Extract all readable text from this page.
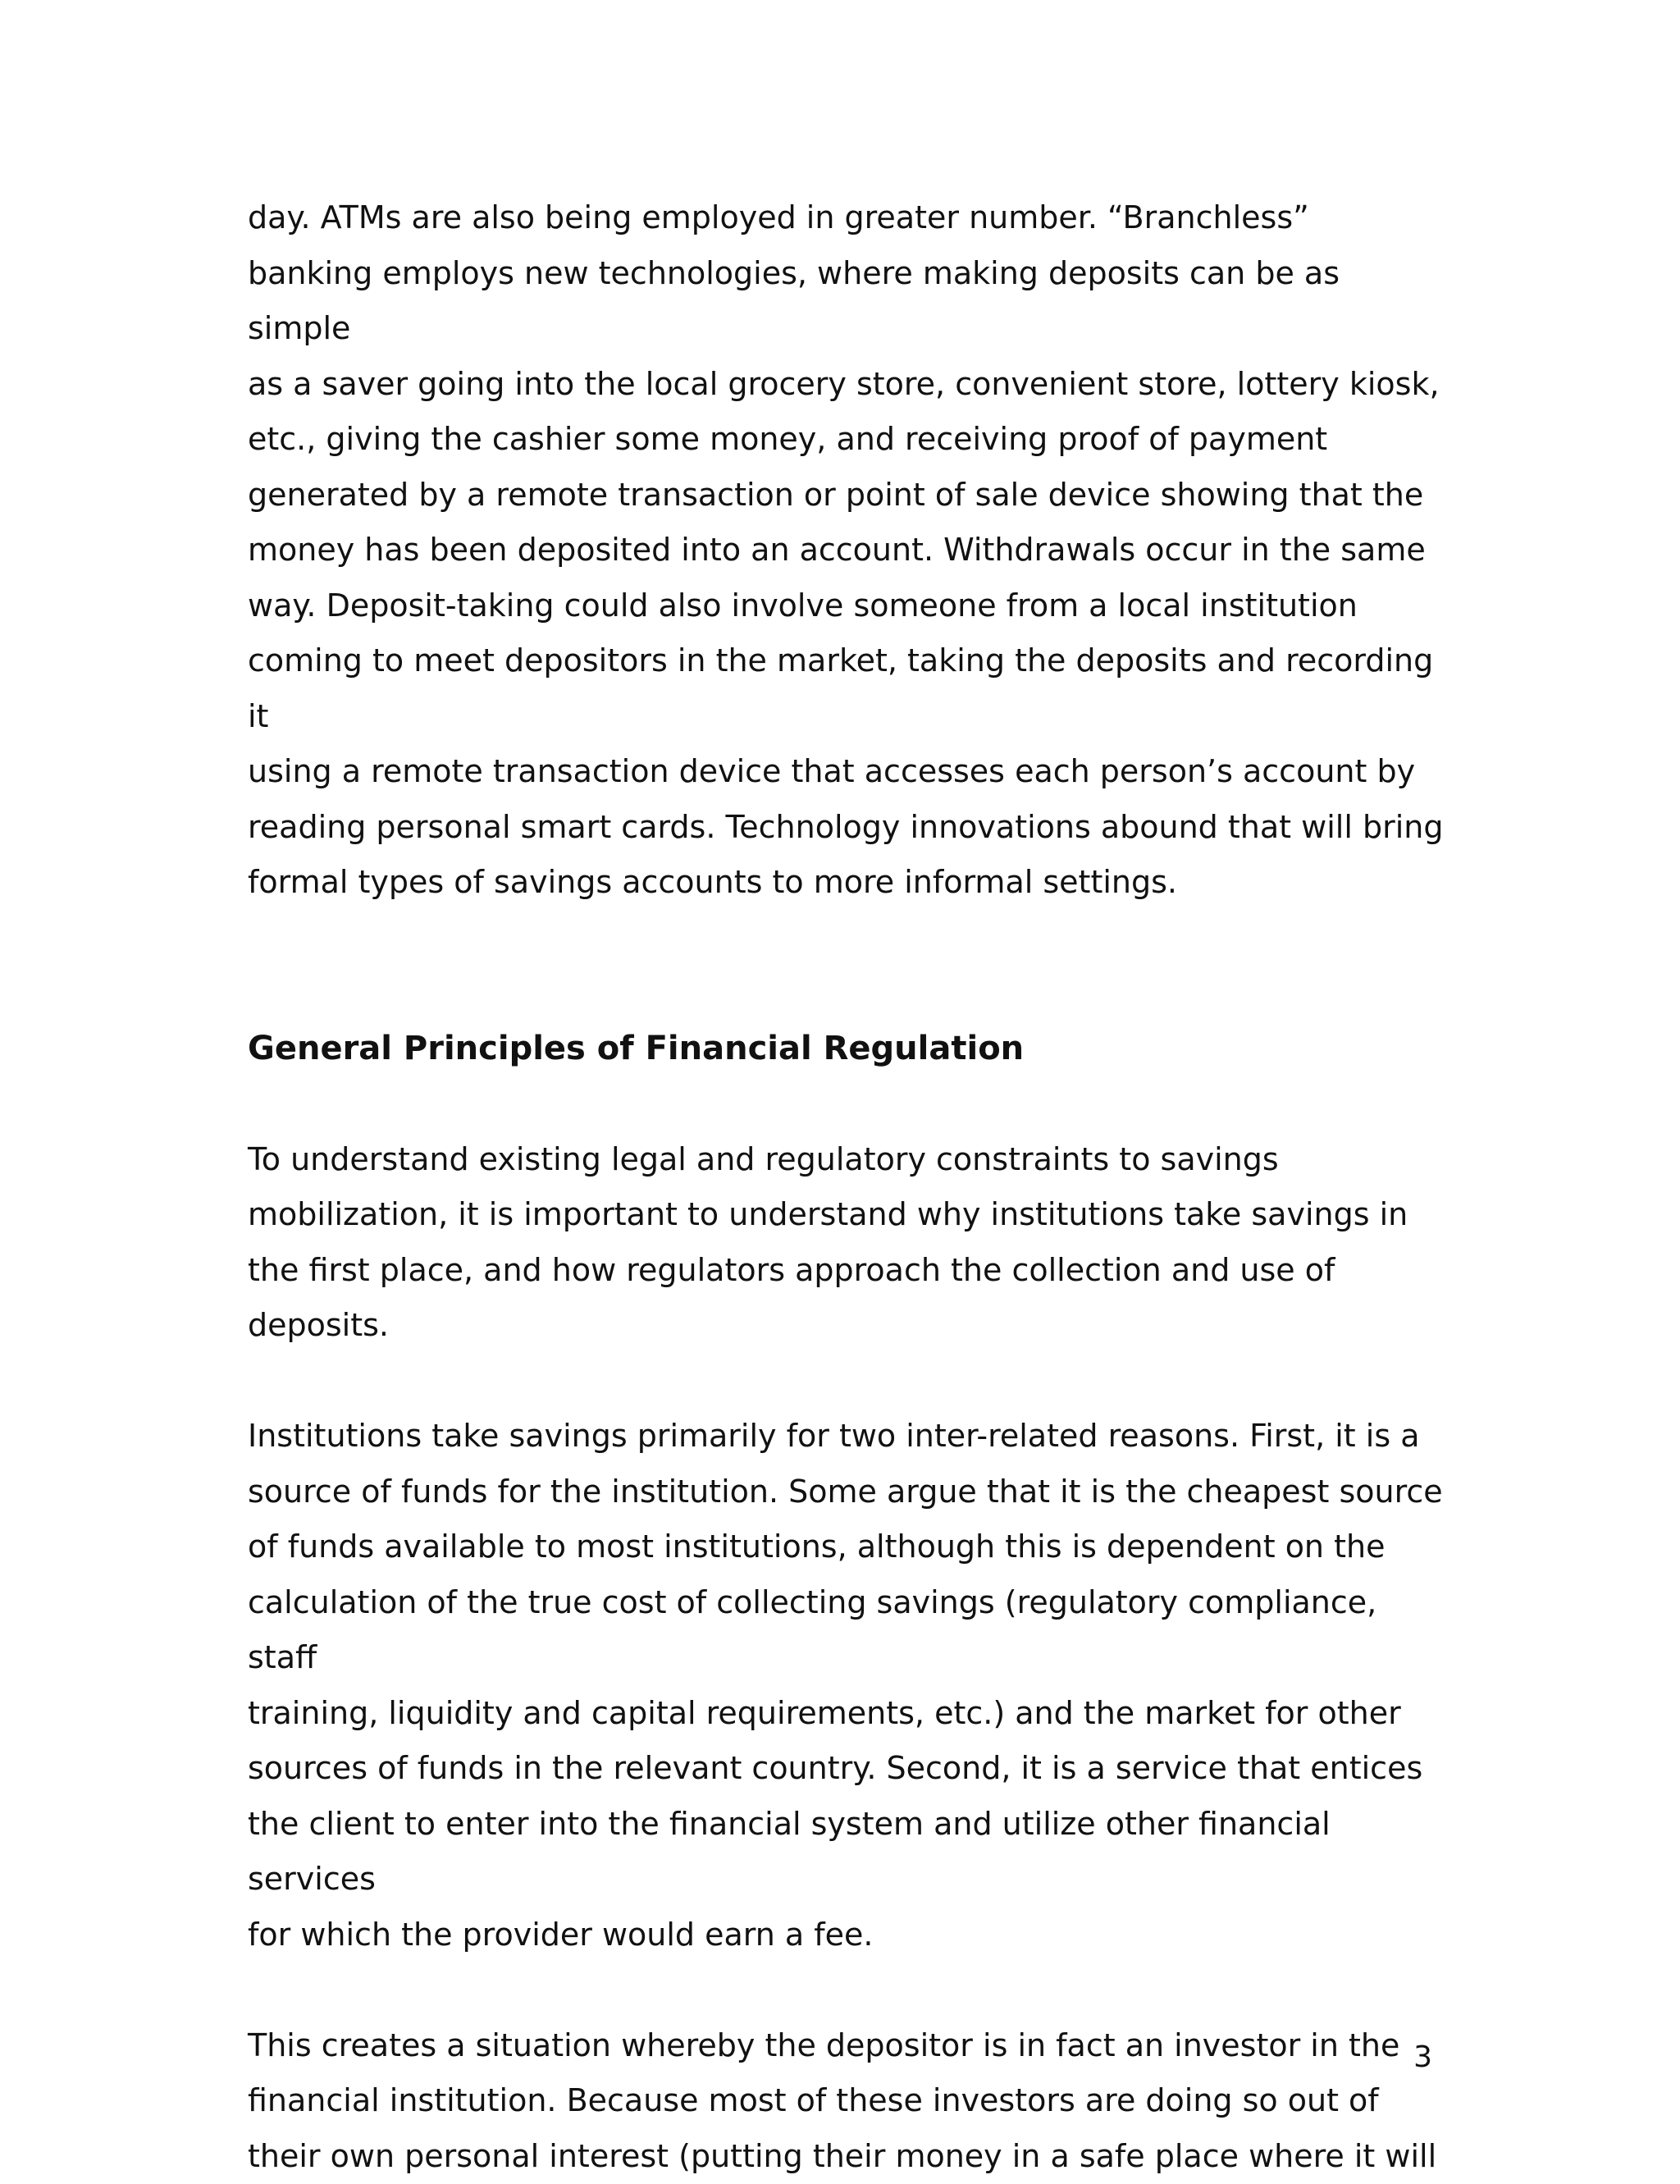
day. ATMs are also being employed in greater number. “Branchless”
banking employs new technologies, where making deposits can be as simple
as a saver going into the local grocery store, convenient store, lottery kiosk,
etc., giving the cashier some money, and receiving proof of payment
generated by a remote transaction or point of sale device showing that the
money has been deposited into an account. Withdrawals occur in the same
way. Deposit-taking could also involve someone from a local institution
coming to meet depositors in the market, taking the deposits and recording it
using a remote transaction device that accesses each person’s account by
reading personal smart cards. Technology innovations abound that will bring
formal types of savings accounts to more informal settings.

General Principles of Financial Regulation

To understand existing legal and regulatory constraints to savings
mobilization, it is important to understand why institutions take savings in
the first place, and how regulators approach the collection and use of
deposits.

Institutions take savings primarily for two inter-related reasons. First, it is a
source of funds for the institution. Some argue that it is the cheapest source
of funds available to most institutions, although this is dependent on the
calculation of the true cost of collecting savings (regulatory compliance, staff
training, liquidity and capital requirements, etc.) and the market for other
sources of funds in the relevant country. Second, it is a service that entices
the client to enter into the financial system and utilize other financial services
for which the provider would earn a fee.

This creates a situation whereby the depositor is in fact an investor in the
financial institution. Because most of these investors are doing so out of
their own personal interest (putting their money in a safe place where it will

3
